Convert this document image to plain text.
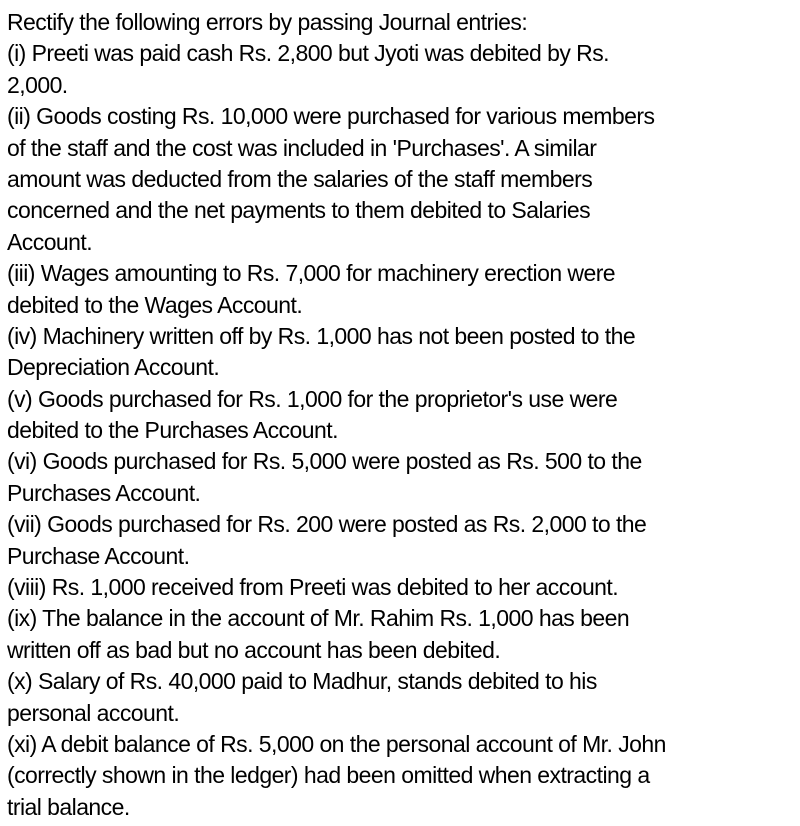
Rectify the following errors by passing Journal entries:
(i) Preeti was paid cash Rs. 2,800 but Jyoti was debited by Rs.
2,000.
(ii) Goods costing Rs. 10,000 were purchased for various members
of the staff and the cost was included in 'Purchases'. A similar
amount was deducted from the salaries of the staff members
concerned and the net payments to them debited to Salaries
Account.
(iii) Wages amounting to Rs. 7,000 for machinery erection were
debited to the Wages Account.
(iv) Machinery written off by Rs. 1,000 has not been posted to the
Depreciation Account.
(v) Goods purchased for Rs. 1,000 for the proprietor's use were
debited to the Purchases Account.
(vi) Goods purchased for Rs. 5,000 were posted as Rs. 500 to the
Purchases Account.
(vii) Goods purchased for Rs. 200 were posted as Rs. 2,000 to the
Purchase Account.
(viii) Rs. 1,000 received from Preeti was debited to her account.
(ix) The balance in the account of Mr. Rahim Rs. 1,000 has been
written off as bad but no account has been debited.
(x) Salary of Rs. 40,000 paid to Madhur, stands debited to his
personal account.
(xi) A debit balance of Rs. 5,000 on the personal account of Mr. John
(correctly shown in the ledger) had been omitted when extracting a
trial balance.
